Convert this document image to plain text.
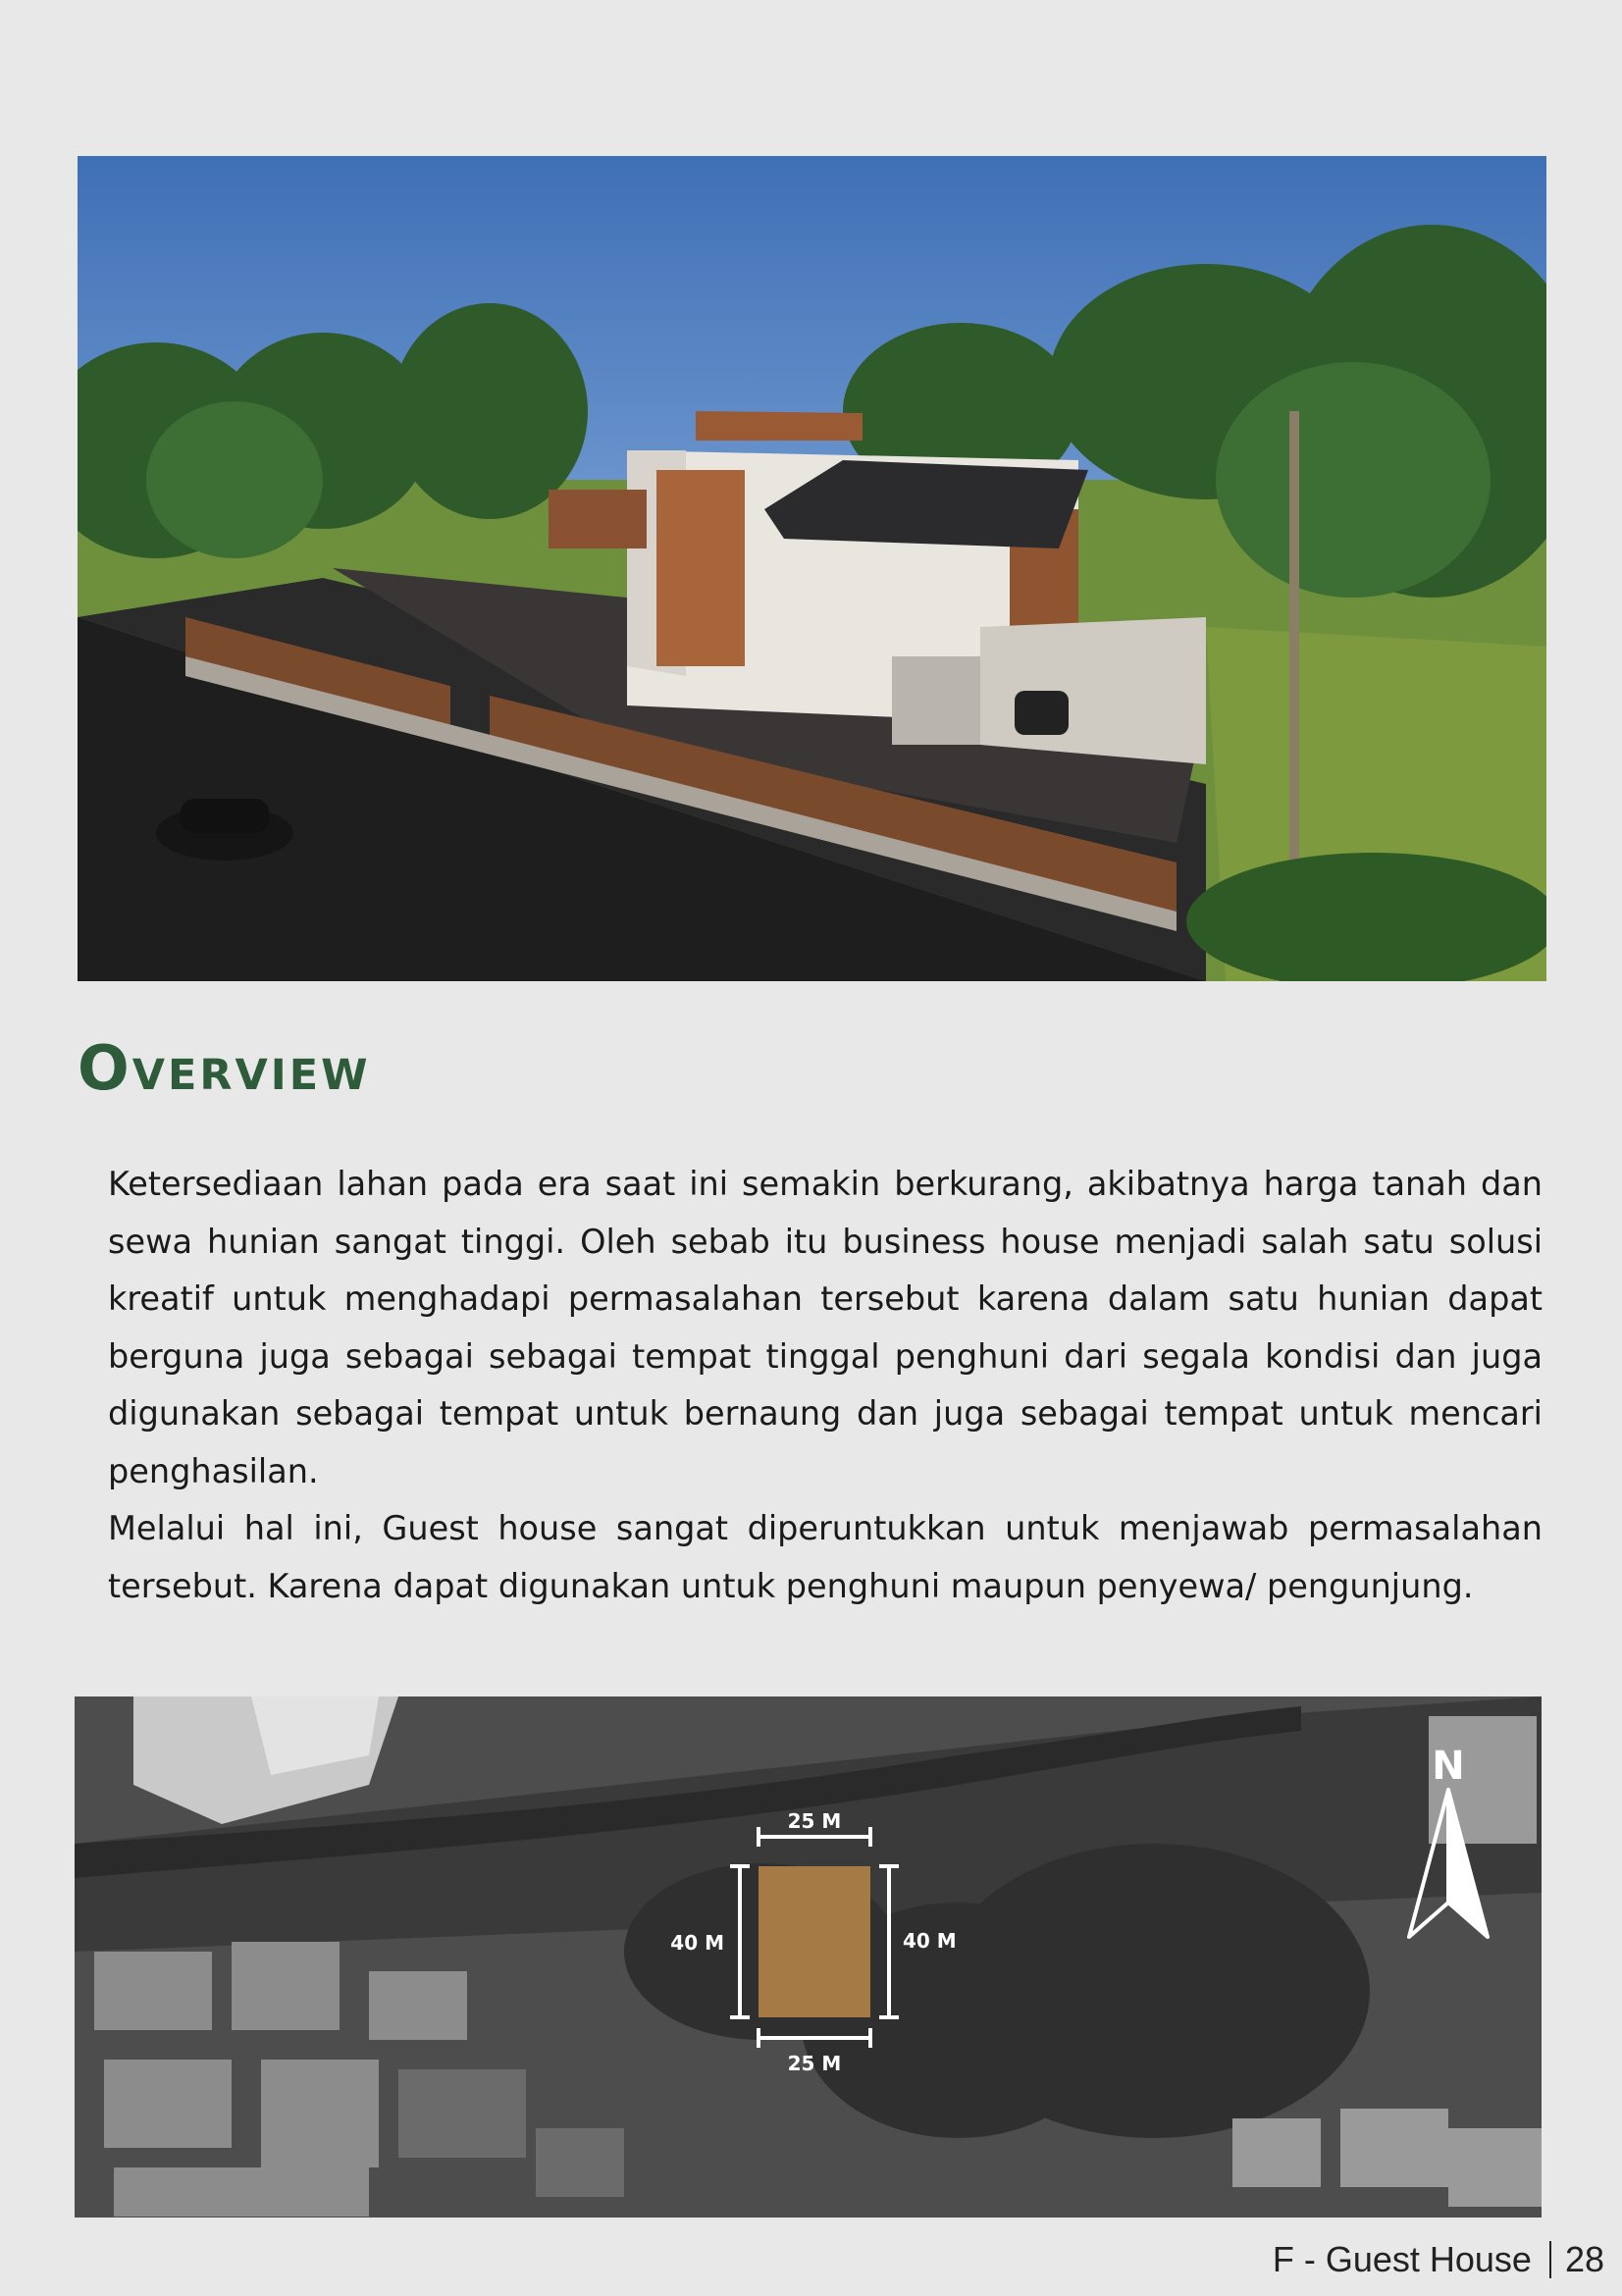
Overview

Ketersediaan lahan pada era saat ini semakin berkurang, akibatnya harga tanah dan sewa hunian sangat tinggi. Oleh sebab itu business house menjadi salah satu solusi kreatif untuk menghadapi permasalahan tersebut karena dalam satu hunian dapat berguna juga sebagai sebagai tempat tinggal penghuni dari segala kondisi dan juga digunakan sebagai tempat untuk bernaung dan juga sebagai tempat untuk mencari penghasilan.

Melalui hal ini, Guest house sangat diperuntukkan untuk menjawab permasalahan tersebut. Karena dapat digunakan untuk penghuni maupun penyewa/ pengunjung.

25 M
25 M
40 M	40 M
N
F - Guest House 28
